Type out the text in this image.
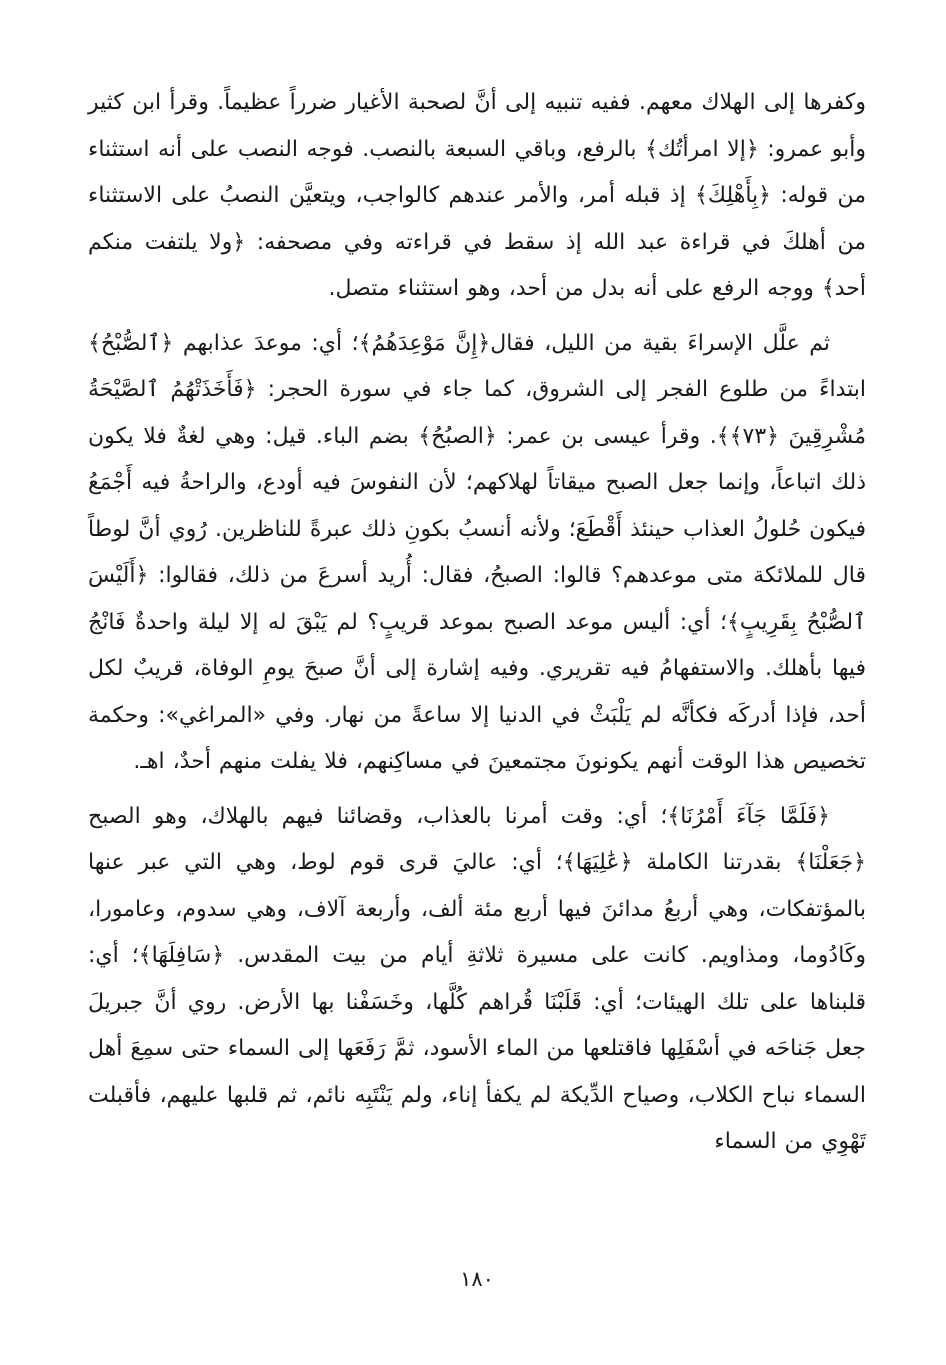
وكفرها إلى الهلاك معهم. ففيه تنبيه إلى أنَّ لصحبة الأغيار ضرراً عظيماً. وقرأ ابن كثير وأبو عمرو: ﴿إلا امرأتُك﴾ بالرفع، وباقي السبعة بالنصب. فوجه النصب على أنه استثناء من قوله: ﴿بِأَهْلِكَ﴾ إذ قبله أمر، والأمر عندهم كالواجب، ويتعيَّن النصبُ على الاستثناء من أهلكَ في قراءة عبد الله إذ سقط في قراءته وفي مصحفه: ﴿ولا يلتفت منكم أحد﴾ ووجه الرفع على أنه بدل من أحد، وهو استثناء متصل.

ثم علَّل الإسراءَ بقية من الليل، فقال﴿إِنَّ مَوْعِدَهُمُ﴾؛ أي: موعدَ عذابهم ﴿ٱلصُّبْحُ﴾ ابتداءً من طلوع الفجر إلى الشروق، كما جاء في سورة الحجر: ﴿فَأَخَذَتْهُمُ ٱلصَّيْحَةُ مُشْرِقِينَ ﴿٧٣﴾﴾. وقرأ عيسى بن عمر: ﴿الصبُحُ﴾ بضم الباء. قيل: وهي لغةٌ فلا يكون ذلك اتباعاً، وإنما جعل الصبح ميقاتاً لهلاكهم؛ لأن النفوسَ فيه أودع، والراحةُ فيه أَجْمَعُ فيكون حُلولُ العذاب حينئذ أَقْطَعَ؛ ولأنه أنسبُ بكونِ ذلك عبرةً للناظرين. رُوي أنَّ لوطاً قال للملائكة متى موعدهم؟ قالوا: الصبحُ، فقال: أُريد أسرعَ من ذلك، فقالوا: ﴿أَلَيْسَ ٱلصُّبْحُ بِقَرِيبٍ﴾؛ أي: أليس موعد الصبح بموعد قريبٍ؟ لم يَبْقَ له إلا ليلة واحدةٌ فَانْجُ فيها بأهلك. والاستفهامُ فيه تقريري. وفيه إشارة إلى أنَّ صبحَ يومِ الوفاة، قريبٌ لكل أحد، فإذا أدركَه فكأنَّه لم يَلْبَثْ في الدنيا إلا ساعةً من نهار. وفي «المراغي»: وحكمة تخصيص هذا الوقت أنهم يكونونَ مجتمعينَ في مساكِنهم، فلا يفلت منهم أحدٌ، اهـ.

﴿فَلَمَّا جَآءَ أَمْرُنَا﴾؛ أي: وقت أمرنا بالعذاب، وقضائنا فيهم بالهلاك، وهو الصبح ﴿جَعَلْنَا﴾ بقدرتنا الكاملة ﴿عَٰلِيَهَا﴾؛ أي: عاليَ قرى قوم لوط، وهي التي عبر عنها بالمؤتفكات، وهي أربعُ مدائنَ فيها أربع مئة ألف، وأربعة آلاف، وهي سدوم، وعامورا، وكَادُوما، ومذاويم. كانت على مسيرة ثلاثةِ أيام من بيت المقدس. ﴿سَافِلَهَا﴾؛ أي: قلبناها على تلك الهيئات؛ أي: قَلَبْنَا قُراهم كُلَّها، وخَسَفْنا بها الأرض. روي أنَّ جبريلَ جعل جَناحَه في أسْفَلِها فاقتلعها من الماء الأسود، ثمَّ رَفَعَها إلى السماء حتى سمِعَ أهل السماء نباح الكلاب، وصياح الدِّيكة لم يكفأ إناء، ولم يَنْتَبِه نائم، ثم قلبها عليهم، فأقبلت تَهْوِي من السماء

١٨٠
